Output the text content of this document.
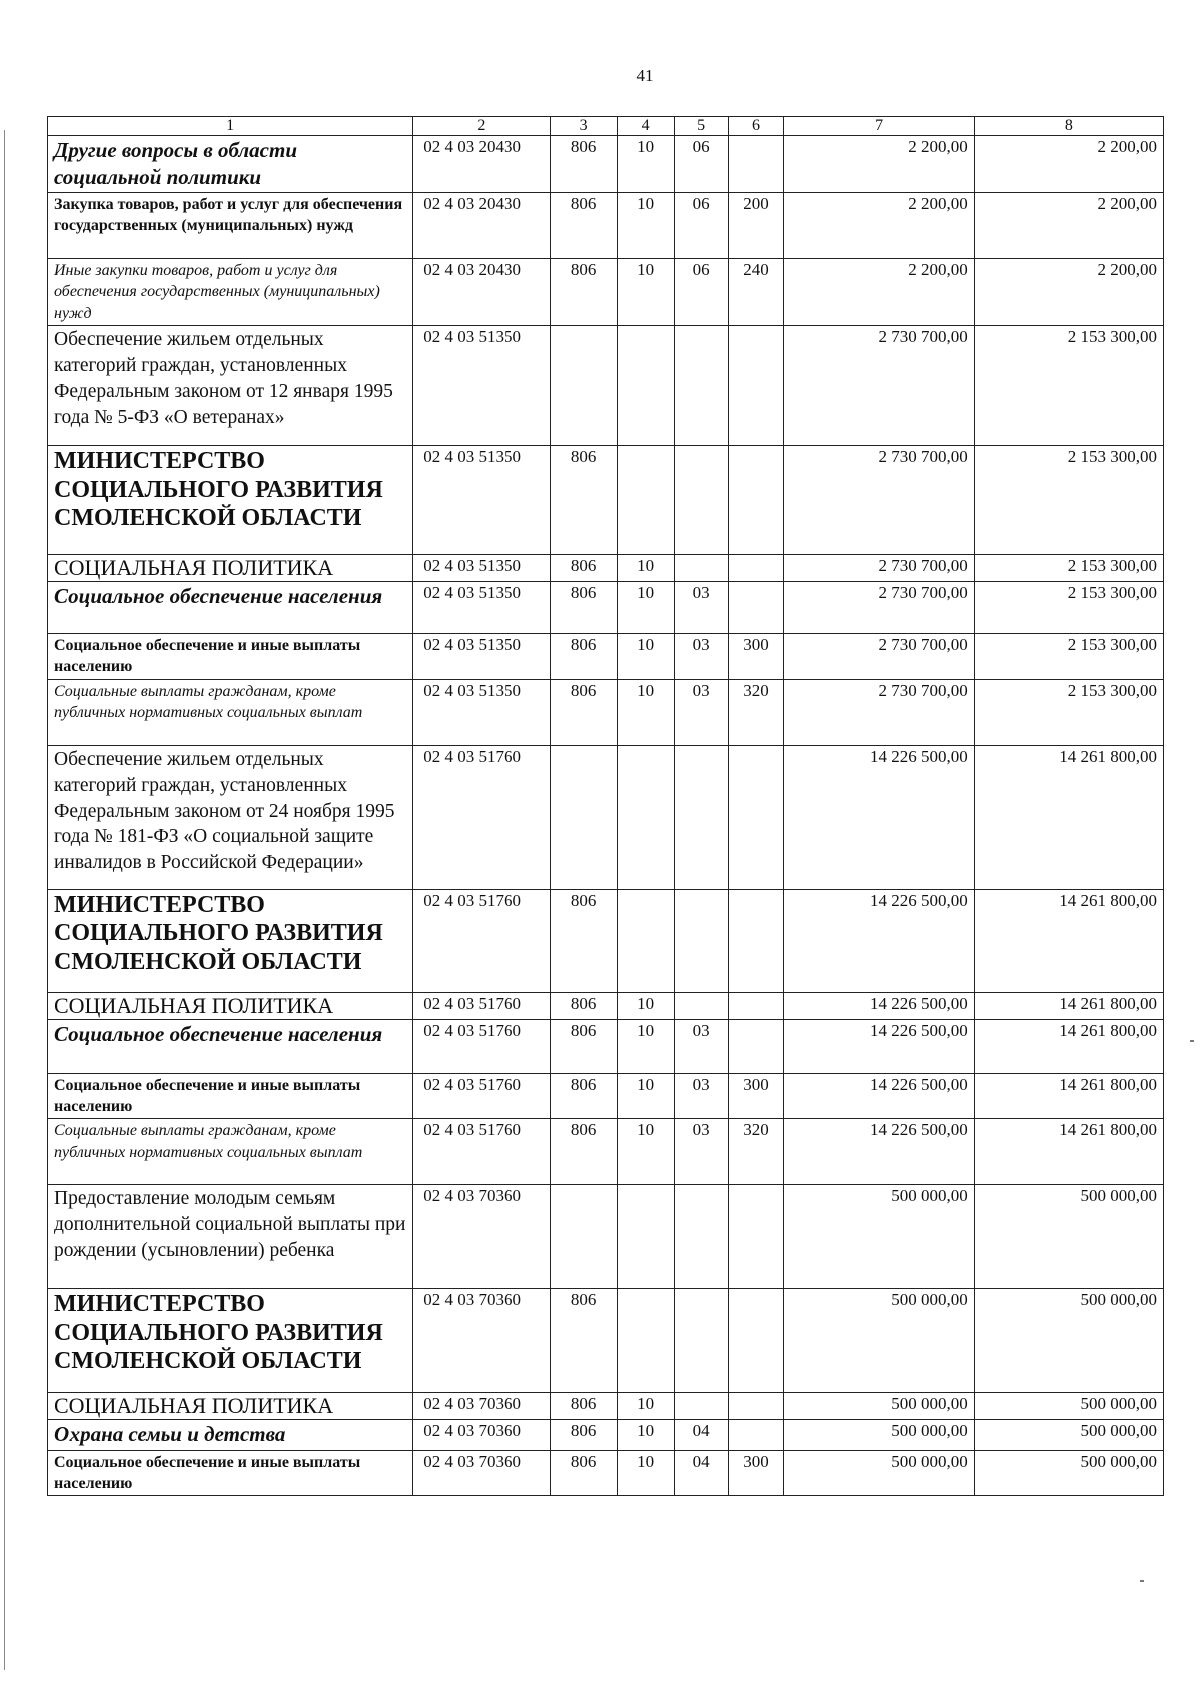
41
1	2	3	4	5	6	7	8
Другие вопросы в области социальной политики	02 4 03 20430	806	10	06		2 200,00	2 200,00
Закупка товаров, работ и услуг для обеспечения государственных (муниципальных) нужд	02 4 03 20430	806	10	06	200	2 200,00	2 200,00
Иные закупки товаров, работ и услуг для обеспечения государственных (муниципальных) нужд	02 4 03 20430	806	10	06	240	2 200,00	2 200,00
Обеспечение жильем отдельных категорий граждан, установленных Федеральным законом от 12 января 1995 года № 5-ФЗ «О ветеранах»	02 4 03 51350					2 730 700,00	2 153 300,00
МИНИСТЕРСТВО СОЦИАЛЬНОГО РАЗВИТИЯ СМОЛЕНСКОЙ ОБЛАСТИ	02 4 03 51350	806				2 730 700,00	2 153 300,00
СОЦИАЛЬНАЯ ПОЛИТИКА	02 4 03 51350	806	10			2 730 700,00	2 153 300,00
Социальное обеспечение населения	02 4 03 51350	806	10	03		2 730 700,00	2 153 300,00
Социальное обеспечение и иные выплаты населению	02 4 03 51350	806	10	03	300	2 730 700,00	2 153 300,00
Социальные выплаты гражданам, кроме публичных нормативных социальных выплат	02 4 03 51350	806	10	03	320	2 730 700,00	2 153 300,00
Обеспечение жильем отдельных категорий граждан, установленных Федеральным законом от 24 ноября 1995 года № 181-ФЗ «О социальной защите инвалидов в Российской Федерации»	02 4 03 51760					14 226 500,00	14 261 800,00
МИНИСТЕРСТВО СОЦИАЛЬНОГО РАЗВИТИЯ СМОЛЕНСКОЙ ОБЛАСТИ	02 4 03 51760	806				14 226 500,00	14 261 800,00
СОЦИАЛЬНАЯ ПОЛИТИКА	02 4 03 51760	806	10			14 226 500,00	14 261 800,00
Социальное обеспечение населения	02 4 03 51760	806	10	03		14 226 500,00	14 261 800,00
Социальное обеспечение и иные выплаты населению	02 4 03 51760	806	10	03	300	14 226 500,00	14 261 800,00
Социальные выплаты гражданам, кроме публичных нормативных социальных выплат	02 4 03 51760	806	10	03	320	14 226 500,00	14 261 800,00
Предоставление молодым семьям дополнительной социальной выплаты при рождении (усыновлении) ребенка	02 4 03 70360					500 000,00	500 000,00
МИНИСТЕРСТВО СОЦИАЛЬНОГО РАЗВИТИЯ СМОЛЕНСКОЙ ОБЛАСТИ	02 4 03 70360	806				500 000,00	500 000,00
СОЦИАЛЬНАЯ ПОЛИТИКА	02 4 03 70360	806	10			500 000,00	500 000,00
Охрана семьи и детства	02 4 03 70360	806	10	04		500 000,00	500 000,00
Социальное обеспечение и иные выплаты населению	02 4 03 70360	806	10	04	300	500 000,00	500 000,00
